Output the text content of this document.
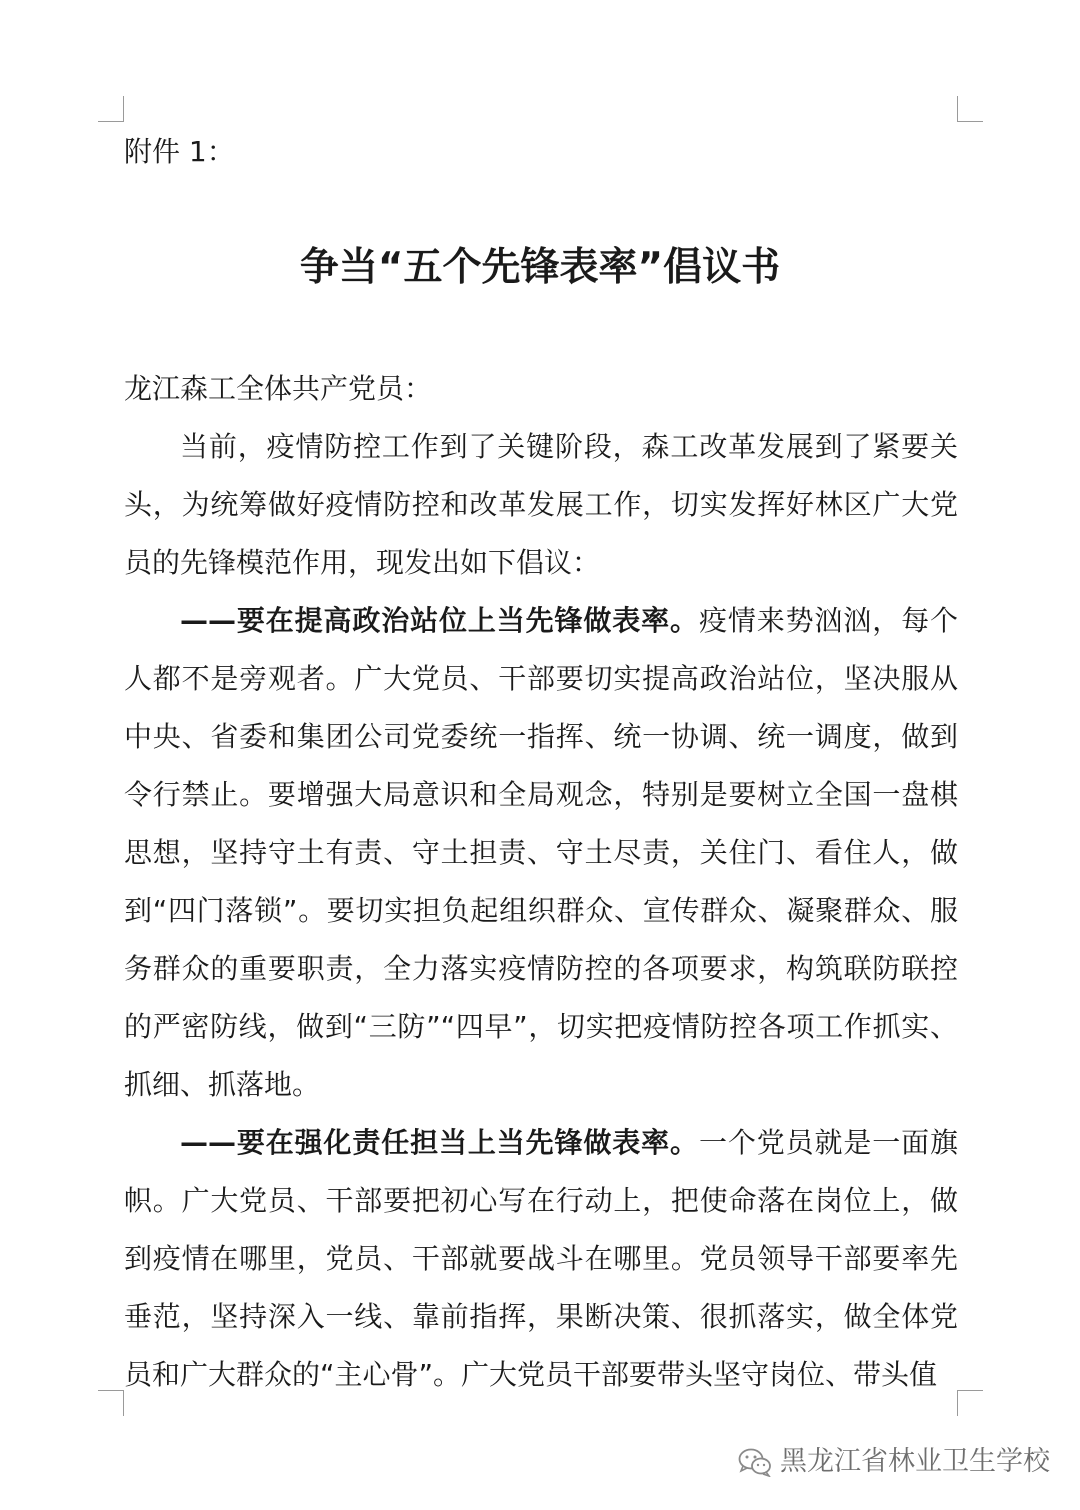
附件 1：

争当“五个先锋表率”倡议书

龙江森工全体共产党员：

当前，疫情防控工作到了关键阶段，森工改革发展到了紧要关头，为统筹做好疫情防控和改革发展工作，切实发挥好林区广大党员的先锋模范作用，现发出如下倡议：

——要在提高政治站位上当先锋做表率。疫情来势汹汹，每个人都不是旁观者。广大党员、干部要切实提高政治站位，坚决服从中央、省委和集团公司党委统一指挥、统一协调、统一调度，做到令行禁止。要增强大局意识和全局观念，特别是要树立全国一盘棋思想，坚持守土有责、守土担责、守土尽责，关住门、看住人，做到“四门落锁”。要切实担负起组织群众、宣传群众、凝聚群众、服务群众的重要职责，全力落实疫情防控的各项要求，构筑联防联控的严密防线，做到“三防”“四早”，切实把疫情防控各项工作抓实、抓细、抓落地。

——要在强化责任担当上当先锋做表率。一个党员就是一面旗帜。广大党员、干部要把初心写在行动上，把使命落在岗位上，做到疫情在哪里，党员、干部就要战斗在哪里。党员领导干部要率先垂范，坚持深入一线、靠前指挥，果断决策、很抓落实，做全体党员和广大群众的“主心骨”。广大党员干部要带头坚守岗位、带头值

黑龙江省林业卫生学校
